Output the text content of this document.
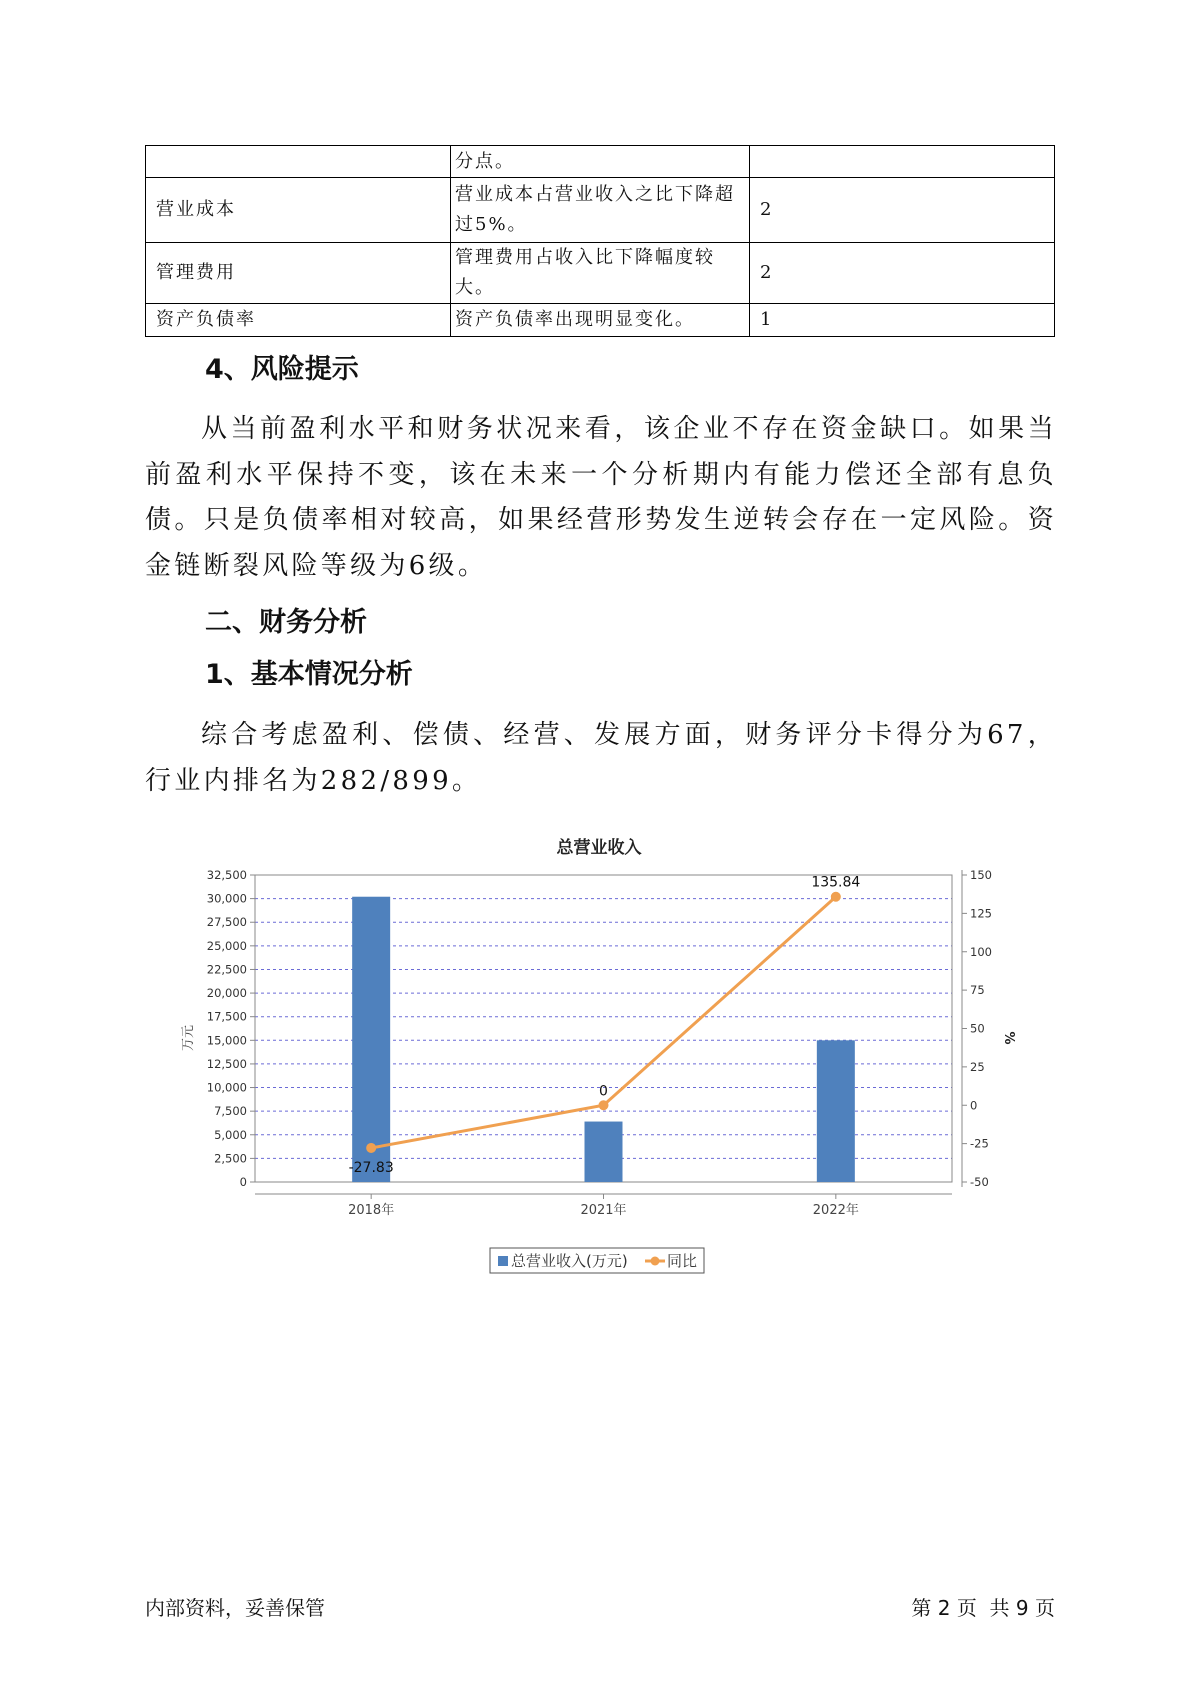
	分点。	
营业成本	营业成本占营业收入之比下降超过5%。	2
管理费用	管理费用占收入比下降幅度较大。	2
资产负债率	资产负债率出现明显变化。	1
4、风险提示

从当前盈利水平和财务状况来看，该企业不存在资金缺口。如果当前盈利水平保持不变，该在未来一个分析期内有能力偿还全部有息负债。只是负债率相对较高，如果经营形势发生逆转会存在一定风险。资金链断裂风险等级为6级。

二、财务分析
1、基本情况分析

综合考虑盈利、偿债、经营、发展方面，财务评分卡得分为67，行业内排名为282/899。

总营业收入
0
2,500
5,000
7,500
10,000
12,500
15,000
17,500
20,000
22,500
25,000
27,500
30,000
32,500
-50
-25
0
25
50
75
100
125
150
-27.83
0
135.84
2018年	2021年	2022年
万元	%
总营业收入(万元)	同比
内部资料，妥善保管	第 2 页  共 9 页
